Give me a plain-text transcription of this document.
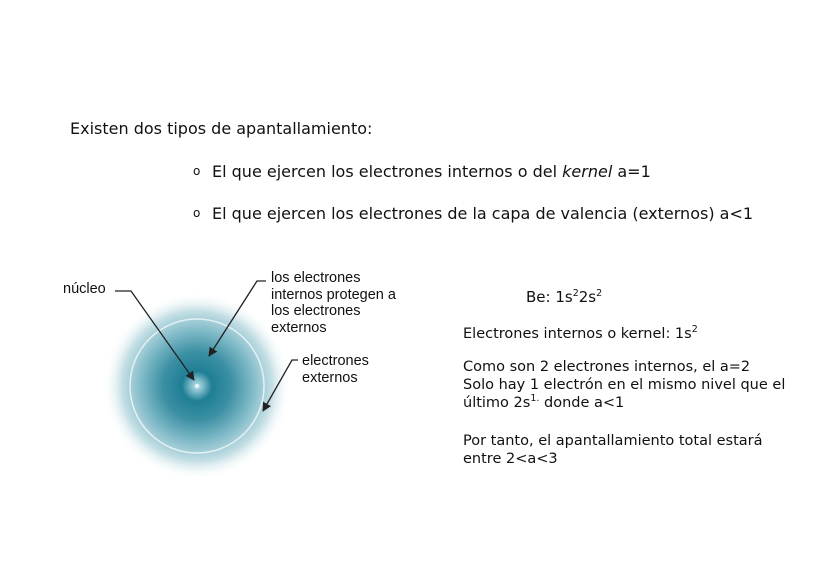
Existen dos tipos de apantallamiento:
o El que ejercen los electrones internos o del kernel a=1
o El que ejercen los electrones de la capa de valencia (externos) a<1
núcleo
los electrones
internos protegen a
los electrones
externos
electrones
externos
Be: $1s^22s^2$
Electrones internos o kernel: $1s^2$
Como son 2 electrones internos, el a=2
Solo hay 1 electrón en el mismo nivel que el
último $2s^{1.}$ donde a<1
Por tanto, el apantallamiento total estará
entre 2<a<3
